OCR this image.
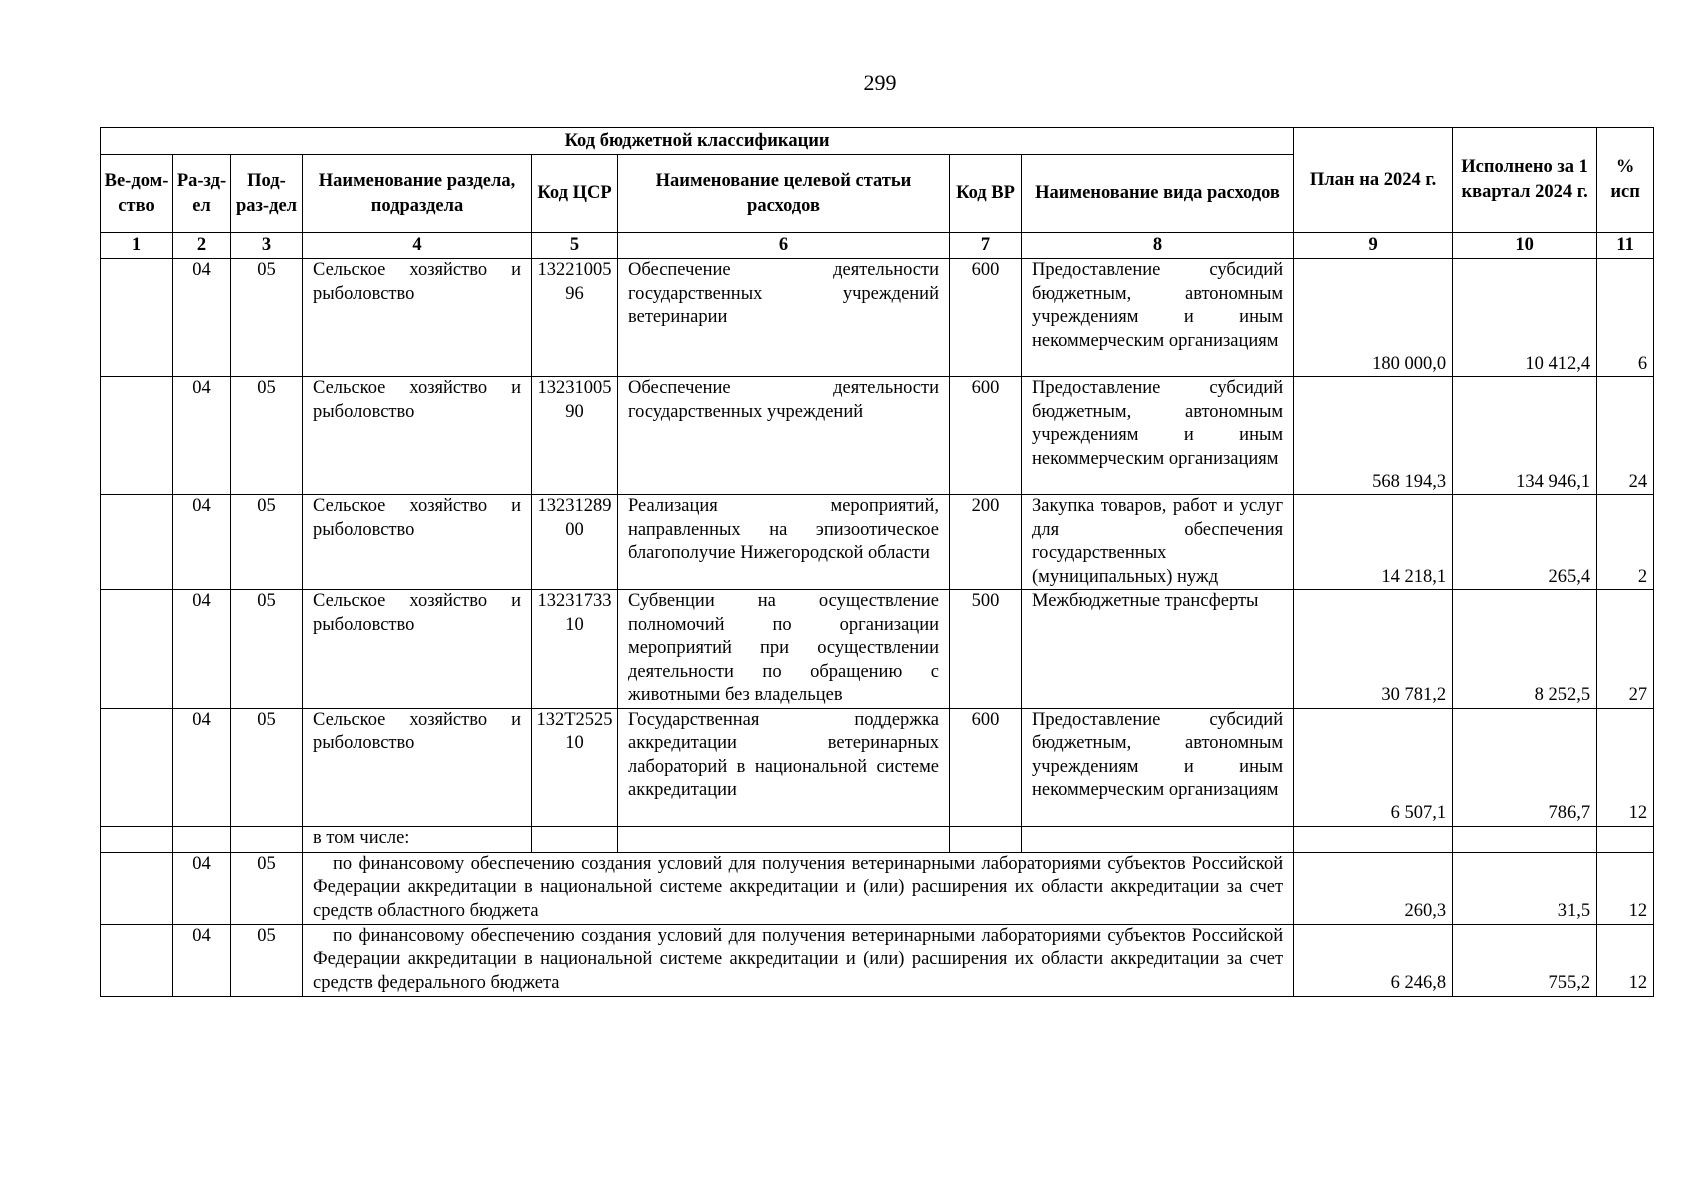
299
Код бюджетной классификации								План на 2024 г.	Исполнено за 1 квартал 2024 г.	% исп
Ве-дом-ство	Ра-зд-ел	Под-раз-дел	Наименование раздела, подраздела	Код ЦСР	Наименование целевой статьи расходов	Код ВР	Наименование вида расходов			
1	2	3	4	5	6	7	8	9	10	11
	04	05	Сельское хозяйство и рыболовство	1322100596	Обеспечение деятельности государственных учреждений ветеринарии	600	Предоставление субсидий бюджетным, автономным учреждениям и иным некоммерческим организациям	180 000,0	10 412,4	6
	04	05	Сельское хозяйство и рыболовство	1323100590	Обеспечение деятельности государственных учреждений	600	Предоставление субсидий бюджетным, автономным учреждениям и иным некоммерческим организациям	568 194,3	134 946,1	24
	04	05	Сельское хозяйство и рыболовство	1323128900	Реализация мероприятий, направленных на эпизоотическое благополучие Нижегородской области	200	Закупка товаров, работ и услуг для обеспечения государственных (муниципальных) нужд	14 218,1	265,4	2
	04	05	Сельское хозяйство и рыболовство	1323173310	Субвенции на осуществление полномочий по организации мероприятий при осуществлении деятельности по обращению с животными без владельцев	500	Межбюджетные трансферты	30 781,2	8 252,5	27
	04	05	Сельское хозяйство и рыболовство	132Т252510	Государственная поддержка аккредитации ветеринарных лабораторий в национальной системе аккредитации	600	Предоставление субсидий бюджетным, автономным учреждениям и иным некоммерческим организациям	6 507,1	786,7	12
			в том числе:							
	04	05	по финансовому обеспечению создания условий для получения ветеринарными лабораториями субъектов Российской Федерации аккредитации в национальной системе аккредитации и (или) расширения их области аккредитации за счет средств областного бюджета					260,3	31,5	12
	04	05	по финансовому обеспечению создания условий для получения ветеринарными лабораториями субъектов Российской Федерации аккредитации в национальной системе аккредитации и (или) расширения их области аккредитации за счет средств федерального бюджета					6 246,8	755,2	12
